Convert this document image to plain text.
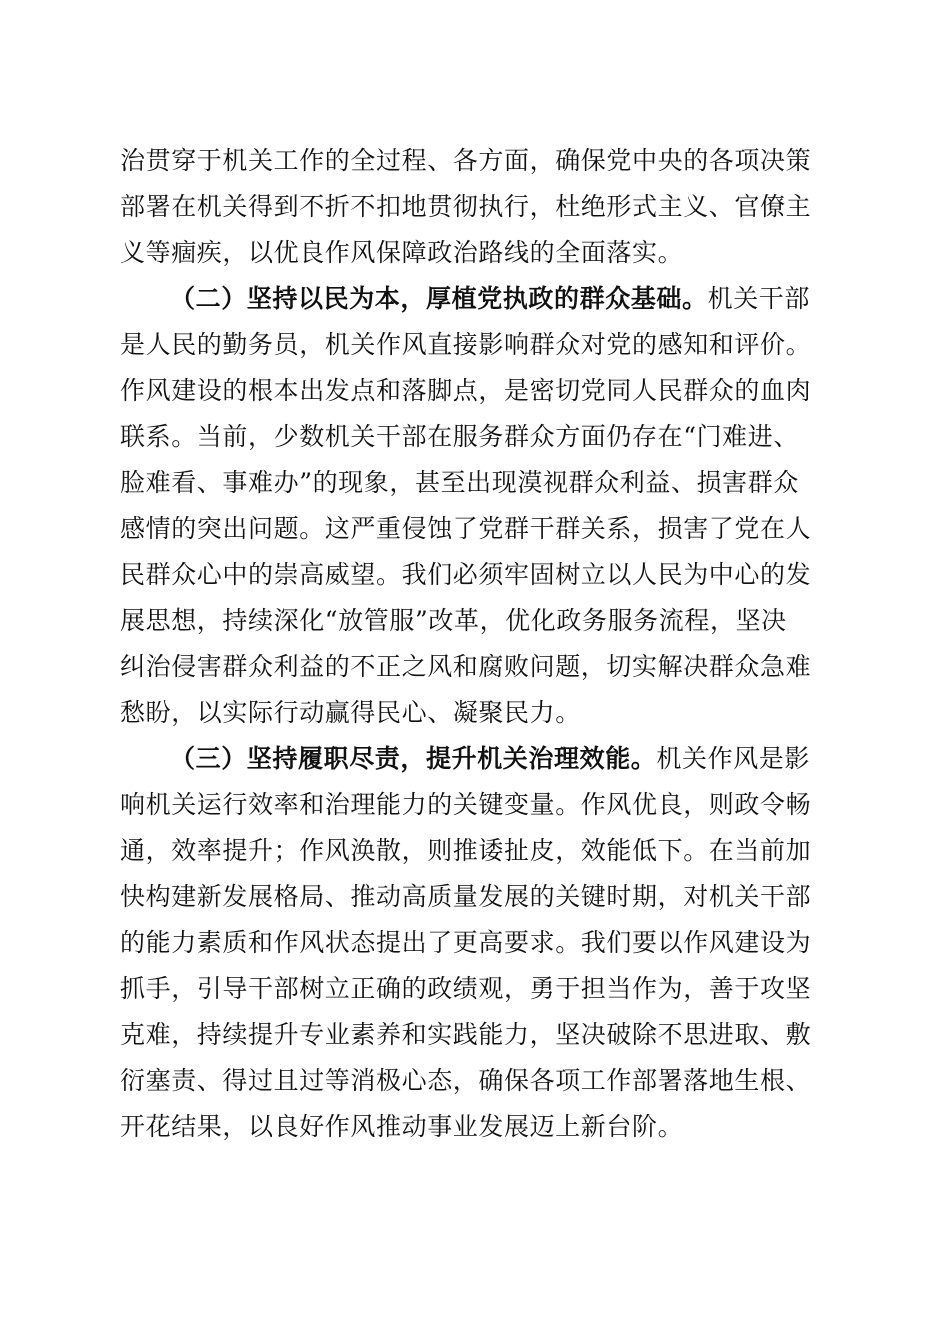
治贯穿于机关工作的全过程、各方面，确保党中央的各项决策
部署在机关得到不折不扣地贯彻执行，杜绝形式主义、官僚主
义等痼疾，以优良作风保障政治路线的全面落实。
（二）坚持以民为本，厚植党执政的群众基础。机关干部
是人民的勤务员，机关作风直接影响群众对党的感知和评价。
作风建设的根本出发点和落脚点，是密切党同人民群众的血肉
联系。当前，少数机关干部在服务群众方面仍存在“门难进、
脸难看、事难办”的现象，甚至出现漠视群众利益、损害群众
感情的突出问题。这严重侵蚀了党群干群关系，损害了党在人
民群众心中的崇高威望。我们必须牢固树立以人民为中心的发
展思想，持续深化“放管服”改革，优化政务服务流程，坚决
纠治侵害群众利益的不正之风和腐败问题，切实解决群众急难
愁盼，以实际行动赢得民心、凝聚民力。
（三）坚持履职尽责，提升机关治理效能。机关作风是影
响机关运行效率和治理能力的关键变量。作风优良，则政令畅
通，效率提升；作风涣散，则推诿扯皮，效能低下。在当前加
快构建新发展格局、推动高质量发展的关键时期，对机关干部
的能力素质和作风状态提出了更高要求。我们要以作风建设为
抓手，引导干部树立正确的政绩观，勇于担当作为，善于攻坚
克难，持续提升专业素养和实践能力，坚决破除不思进取、敷
衍塞责、得过且过等消极心态，确保各项工作部署落地生根、
开花结果，以良好作风推动事业发展迈上新台阶。
